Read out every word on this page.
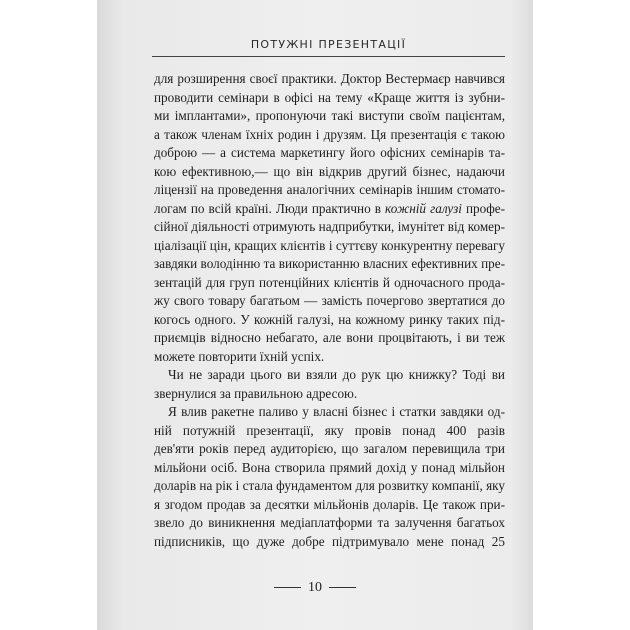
ПОТУЖНІ ПРЕЗЕНТАЦІЇ
для розширення своєї практики. Доктор Вестермаєр навчився
проводити семінари в офісі на тему «Краще життя із зубни-
ми імплантами», пропонуючи такі виступи своїм пацієнтам,
а також членам їхніх родин і друзям. Ця презентація є такою
доброю — а система маркетингу його офісних семінарів та-
кою ефективною,— що він відкрив другий бізнес, надаючи
ліцензії на проведення аналогічних семінарів іншим стомато-
логам по всій країні. Люди практично в кожній галузі профе-
сійної діяльності отримують надприбутки, імунітет від комер-
ціалізації цін, кращих клієнтів і суттєву конкурентну перевагу
завдяки володінню та використанню власних ефективних пре-
зентацій для груп потенційних клієнтів й одночасного прода-
жу свого товару багатьом — замість почергово звертатися до
когось одного. У кожній галузі, на кожному ринку таких під-
приємців відносно небагато, але вони процвітають, і ви теж
можете повторити їхній успіх.
Чи не заради цього ви взяли до рук цю книжку? Тоді ви
звернулися за правильною адресою.
Я влив ракетне паливо у власні бізнес і статки завдяки од-
ній потужній презентації, яку провів понад 400 разів
дев'яти років перед аудиторією, що загалом перевищила три
мільйони осіб. Вона створила прямий дохід у понад мільйон
доларів на рік і стала фундаментом для розвитку компанії, яку
я згодом продав за десятки мільйонів доларів. Це також при-
звело до виникнення медіаплатформи та залучення багатьох
підписників, що дуже добре підтримувало мене понад 25
10
